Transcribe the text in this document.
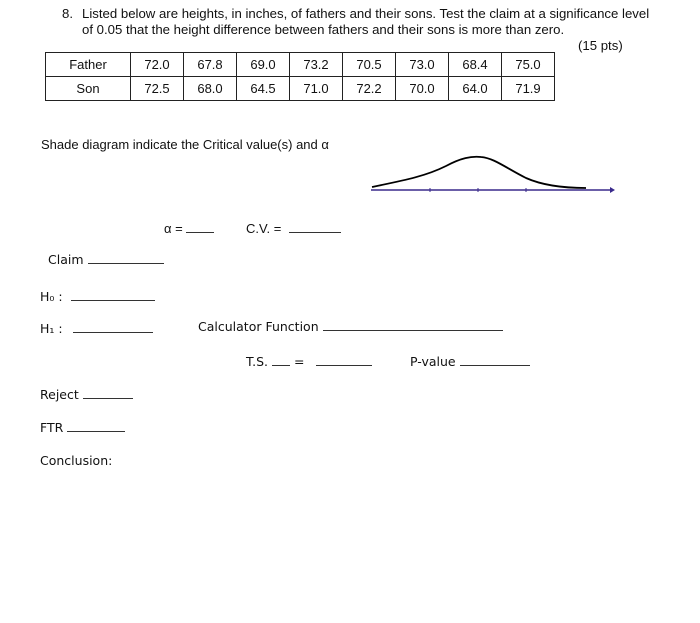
8. Listed below are heights, in inches, of fathers and their sons. Test the claim at a significance level of 0.05 that the height difference between fathers and their sons is more than zero.
(15 pts)
Father	72.0	67.8	69.0	73.2	70.5	73.0	68.4	75.0
Son	72.5	68.0	64.5	71.0	72.2	70.0	64.0	71.9
Shade diagram indicate the Critical value(s) and α
α =	C.V. =
Claim
H₀ :
H₁ :	Calculator Function
T.S. =	P-value
Reject
FTR
Conclusion:
